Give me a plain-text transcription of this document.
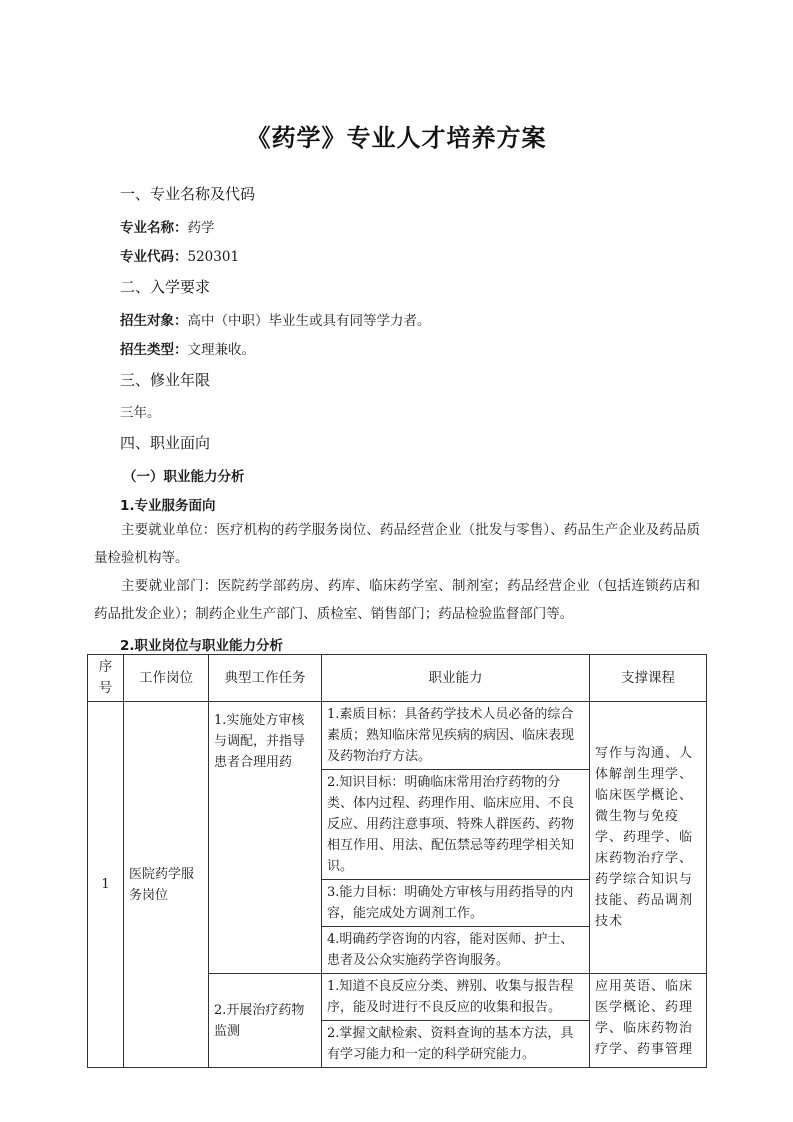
《药学》专业人才培养方案
一、专业名称及代码
专业名称：药学
专业代码：520301
二、入学要求
招生对象：高中（中职）毕业生或具有同等学力者。
招生类型：文理兼收。
三、修业年限
三年。
四、职业面向
（一）职业能力分析
1.专业服务面向
主要就业单位：医疗机构的药学服务岗位、药品经营企业（批发与零售）、药品生产企业及药品质量检验机构等。
主要就业部门：医院药学部药房、药库、临床药学室、制剂室；药品经营企业（包括连锁药店和药品批发企业）；制药企业生产部门、质检室、销售部门；药品检验监督部门等。
2.职业岗位与职业能力分析
序号	工作岗位	典型工作任务	职业能力	支撑课程
1	医院药学服务岗位	1.实施处方审核与调配，并指导患者合理用药	1.素质目标：具备药学技术人员必备的综合素质；熟知临床常见疾病的病因、临床表现及药物治疗方法。	写作与沟通、人体解剖生理学、临床医学概论、微生物与免疫学、药理学、临床药物治疗学、药学综合知识与技能、药品调剂技术
			2.知识目标：明确临床常用治疗药物的分类、体内过程、药理作用、临床应用、不良反应、用药注意事项、特殊人群医药、药物相互作用、用法、配伍禁忌等药理学相关知识。	
			3.能力目标：明确处方审核与用药指导的内容，能完成处方调剂工作。	
			4.明确药学咨询的内容，能对医师、护士、患者及公众实施药学咨询服务。	
		2.开展治疗药物监测	1.知道不良反应分类、辨别、收集与报告程序，能及时进行不良反应的收集和报告。	应用英语、临床医学概论、药理学、临床药物治疗学、药事管理
			2.掌握文献检索、资料查询的基本方法，具有学习能力和一定的科学研究能力。	
